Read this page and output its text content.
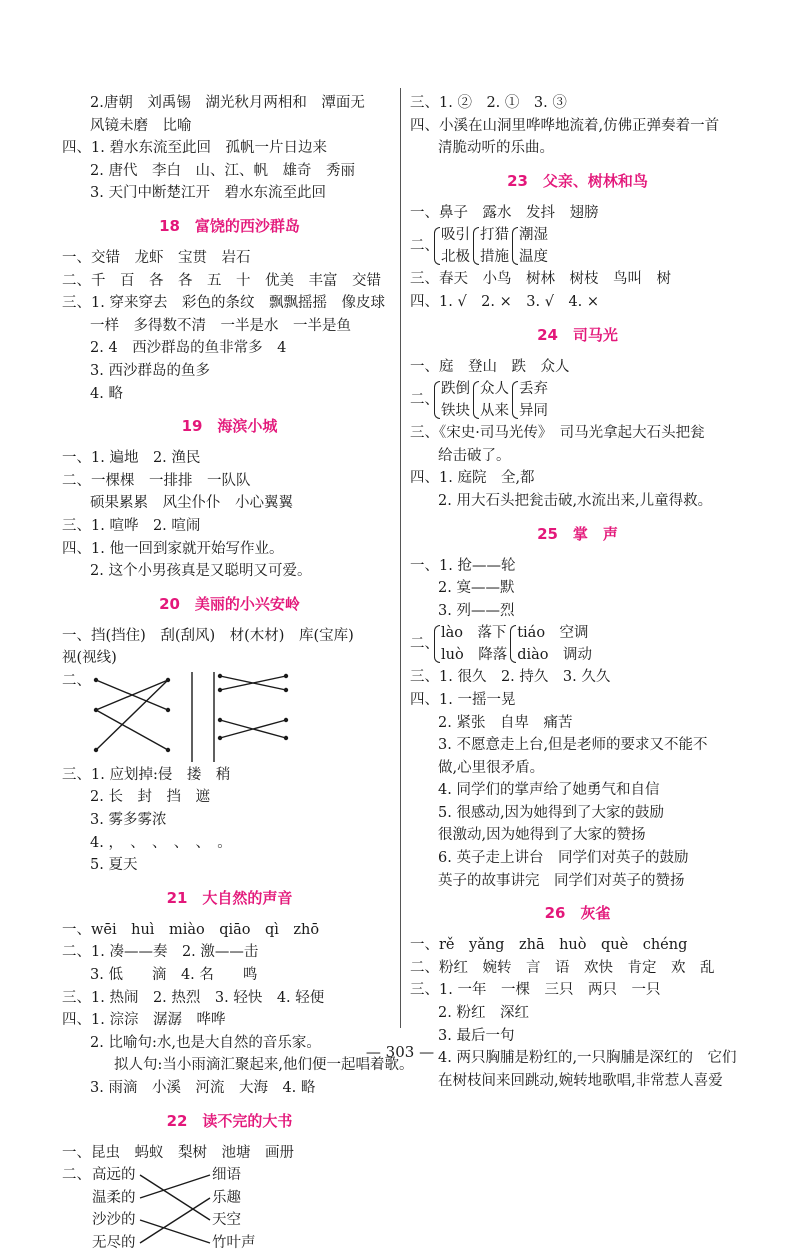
2.唐朝　刘禹锡　湖光秋月两相和　潭面无
风镜未磨　比喻
四、1. 碧水东流至此回　孤帆一片日边来
2. 唐代　李白　山、江、帆　雄奇　秀丽
3. 天门中断楚江开　碧水东流至此回
18　富饶的西沙群岛
一、交错　龙虾　宝贯　岩石
二、千　百　各　各　五　十　优美　丰富　交错
三、1. 穿来穿去　彩色的条纹　飘飘摇摇　像皮球
一样　多得数不清　一半是水　一半是鱼
2. 4　西沙群岛的鱼非常多　4
3. 西沙群岛的鱼多
4. 略
19　海滨小城
一、1. 遍地　2. 渔民
二、一棵棵　一排排　一队队
硕果累累　风尘仆仆　小心翼翼
三、1. 喧哗　2. 喧闹
四、1. 他一回到家就开始写作业。
2. 这个小男孩真是又聪明又可爱。
20　美丽的小兴安岭
一、挡(挡住)　刮(刮风)　材(木材)　库(宝库)
视(视线)
二、
三、1. 应划掉:侵　搂　稍
2. 长　封　挡　遮
3. 雾多雾浓
4. ，　、　、　、　、　。
5. 夏天
21　大自然的声音
一、wēi　huì　miào　qiāo　qì　zhō
二、1. 凑——奏　2. 激——击
3. 低　　滴　4. 名　　鸣
三、1. 热闹　2. 热烈　3. 轻快　4. 轻便
四、1. 淙淙　潺潺　哗哗
2. 比喻句:水,也是大自然的音乐家。
拟人句:当小雨滴汇聚起来,他们便一起唱着歌。
3. 雨滴　小溪　河流　大海　4. 略
22　读不完的大书
一、昆虫　蚂蚁　梨树　池塘　画册
二、 高远的
温柔的
沙沙的
无尽的
细语
乐趣
天空
竹叶声
三、1. ②　2. ①　3. ③
四、小溪在山洞里哗哗地流着,仿佛正弹奏着一首
清脆动听的乐曲。
23　父亲、树林和鸟
一、鼻子　露水　发抖　翅膀
二、
吸引
北极
打猎
措施
潮湿
温度
三、春天　小鸟　树林　树枝　鸟叫　树
四、1. √　2. ×　3. √　4. ×
24　司马光
一、庭　登山　跌　众人
二、
跌倒
铁块
众人
从来
丢弃
异同
三、《宋史·司马光传》　司马光拿起大石头把瓮
给击破了。
四、1. 庭院　全,都
2. 用大石头把瓮击破,水流出来,儿童得救。
25　掌　声
一、1. 抢——轮
2. 寞——默
3. 列——烈
二、
lào　落下
luò　降落
tiáo　空调
diào　调动
三、1. 很久　2. 持久　3. 久久
四、1. 一摇一晃
2. 紧张　自卑　痛苦
3. 不愿意走上台,但是老师的要求又不能不
做,心里很矛盾。
4. 同学们的掌声给了她勇气和自信
5. 很感动,因为她得到了大家的鼓励
很激动,因为她得到了大家的赞扬
6. 英子走上讲台　同学们对英子的鼓励
英子的故事讲完　同学们对英子的赞扬
26　灰雀
一、rě　yǎng　zhā　huò　què　chéng
二、粉红　婉转　言　语　欢快　肯定　欢　乱
三、1. 一年　一棵　三只　两只　一只
2. 粉红　深红
3. 最后一句
4. 两只胸脯是粉红的,一只胸脯是深红的　它们
在树枝间来回跳动,婉转地歌唱,非常惹人喜爱
— 303 —
